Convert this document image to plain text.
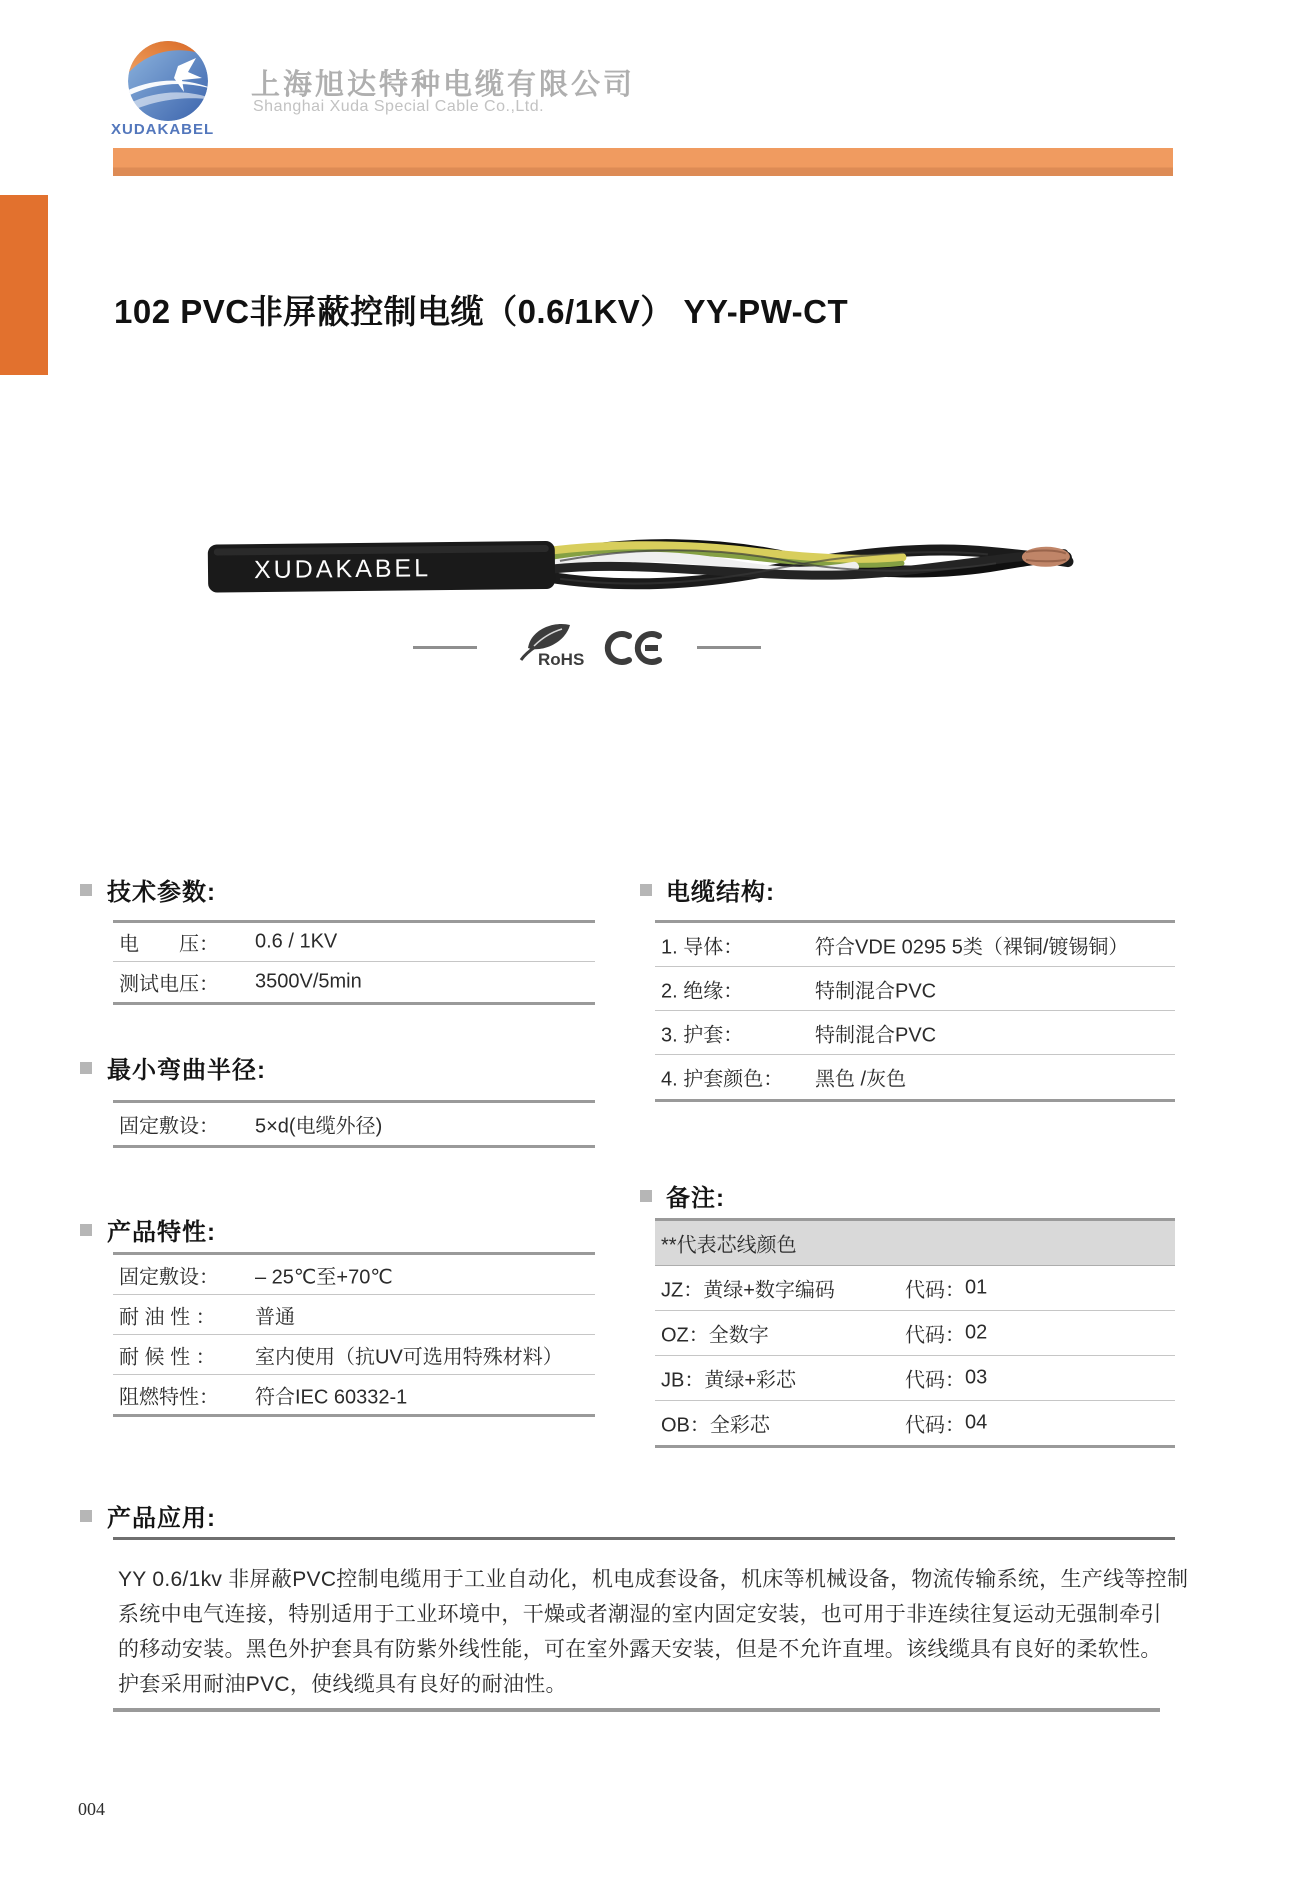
XUDAKABEL
上海旭达特种电缆有限公司
Shanghai Xuda Special Cable Co.,Ltd.
102 PVC非屏蔽控制电缆（0.6/1KV） YY-PW-CT
XUDAKABEL
RoHS
技术参数:
电　　压： 0.6 / 1KV
测试电压： 3500V/5min
电缆结构:
1. 导体：	符合VDE 0295 5类（裸铜/镀锡铜）
2. 绝缘：	特制混合PVC
3. 护套：	特制混合PVC
4. 护套颜色： 黑色 /灰色
最小弯曲半径:
固定敷设： 5×d(电缆外径)
产品特性:
固定敷设： – 25℃至+70℃
耐 油 性 ： 普通
耐 候 性 ： 室内使用（抗UV可选用特殊材料）
阻燃特性： 符合IEC 60332-1
备注:
**代表芯线颜色
JZ：黄绿+数字编码	代码： 01
OZ：全数字	代码： 02
JB：黄绿+彩芯	代码： 03
OB：全彩芯	代码： 04
产品应用:
YY 0.6/1kv 非屏蔽PVC控制电缆用于工业自动化，机电成套设备，机床等机械设备，物流传输系统，生产线等控制
系统中电气连接，特别适用于工业环境中，干燥或者潮湿的室内固定安装，也可用于非连续往复运动无强制牵引
的移动安装。黑色外护套具有防紫外线性能，可在室外露天安装，但是不允许直埋。该线缆具有良好的柔软性。
护套采用耐油PVC，使线缆具有良好的耐油性。
004
